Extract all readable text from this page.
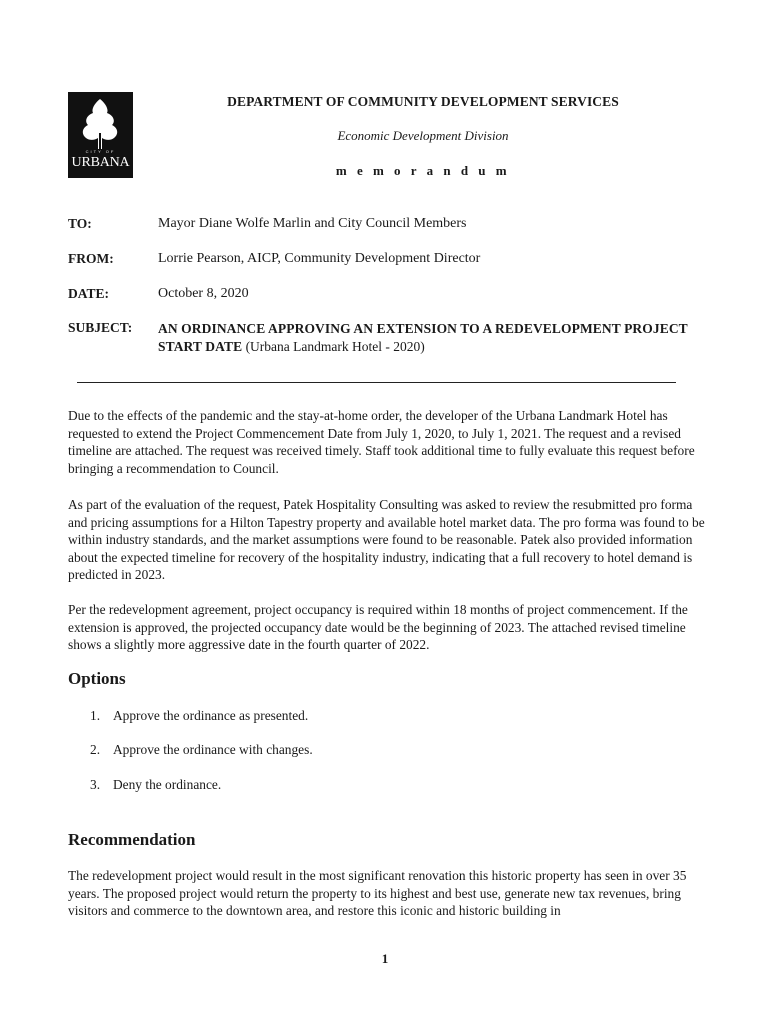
CITY OF
URBANA
DEPARTMENT OF COMMUNITY DEVELOPMENT SERVICES
Economic Development Division
m e m o r a n d u m
TO:	Mayor Diane Wolfe Marlin and City Council Members
FROM:	Lorrie Pearson, AICP, Community Development Director
DATE:	October 8, 2020
SUBJECT: AN ORDINANCE APPROVING AN EXTENSION TO A REDEVELOPMENT PROJECT START DATE (Urbana Landmark Hotel - 2020)
Due to the effects of the pandemic and the stay-at-home order, the developer of the Urbana Landmark Hotel has requested to extend the Project Commencement Date from July 1, 2020, to July 1, 2021. The request and a revised timeline are attached. The request was received timely. Staff took additional time to fully evaluate this request before bringing a recommendation to Council.
As part of the evaluation of the request, Patek Hospitality Consulting was asked to review the resubmitted pro forma and pricing assumptions for a Hilton Tapestry property and available hotel market data. The pro forma was found to be within industry standards, and the market assumptions were found to be reasonable. Patek also provided information about the expected timeline for recovery of the hospitality industry, indicating that a full recovery to hotel demand is predicted in 2023.
Per the redevelopment agreement, project occupancy is required within 18 months of project commencement. If the extension is approved, the projected occupancy date would be the beginning of 2023. The attached revised timeline shows a slightly more aggressive date in the fourth quarter of 2022.
Options
1. Approve the ordinance as presented.
2. Approve the ordinance with changes.
3. Deny the ordinance.
Recommendation
The redevelopment project would result in the most significant renovation this historic property has seen in over 35 years. The proposed project would return the property to its highest and best use, generate new tax revenues, bring visitors and commerce to the downtown area, and restore this iconic and historic building in
1
